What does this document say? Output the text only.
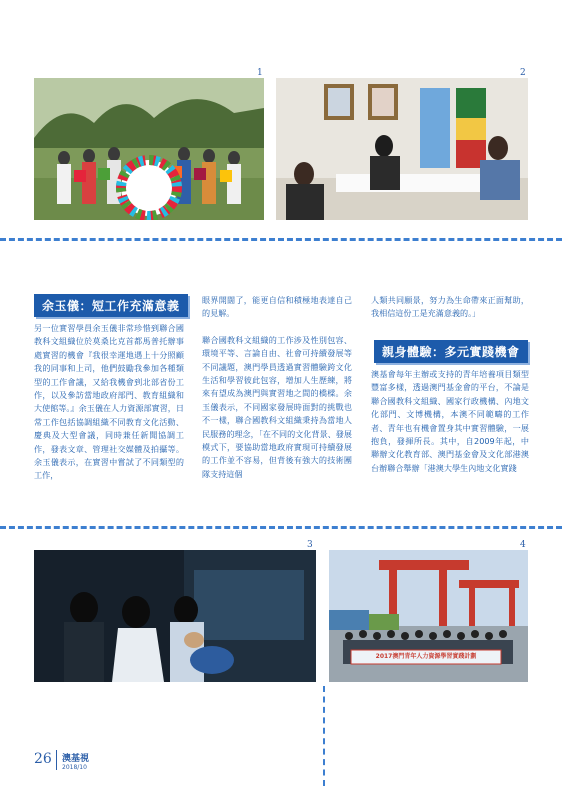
1	2
余玉儀：短工作充滿意義
另一位實習學員余玉儀非常珍惜到聯合國教科文組織位於莫桑比克首都馬普托辦事處實習的機會『我很幸運地遇上十分照顧我的同事和上司，他們鼓勵我參加各種類型的工作會議，又給我機會到北部省份工作，以及參訪當地政府部門、教育組織和大使館等。』余玉儀在人力資源部實習，日常工作包括協調組織不同教育文化活動、慶典及大型會議，同時兼任新聞協調工作，發表文章、管理社交媒體及拍攝等。余玉儀表示，在實習中嘗試了不同類型的工作，
眼界開闊了，能更自信和積極地表達自己的見解。
聯合國教科文組織的工作涉及性別包容、環境平等、言論自由、社會可持續發展等不同議題，澳門學員透過實習體驗跨文化生活和學習彼此包容，增加人生歷練，將來有望成為澳門與實習地之間的橋樑。余玉儀表示，不同國家發展時面對的挑戰也不一樣，聯合國教科文組織秉持為當地人民服務的理念，「在不同的文化背景、發展模式下，要協助當地政府實現可持續發展的工作並不容易，但背後有強大的技術團隊支持這個
人類共同願景，努力為生命帶來正面幫助，我相信這份工是充滿意義的。」
親身體驗：多元實踐機會
澳基會每年主辦或支持的青年培養項目類型豐富多樣，透過澳門基金會的平台，不論是聯合國教科文組織、國家行政機構、內地文化部門、文博機構，本澳不同範疇的工作者、青年也有機會置身其中實習體驗，一展抱負，發揮所長。其中，自2009年起，中聯辦文化教育部、澳門基金會及文化部港澳台辦聯合舉辦「港澳大學生內地文化實踐
3	4
2017澳門青年人力資源學習實踐計劃
26 澳基視
2018/10
